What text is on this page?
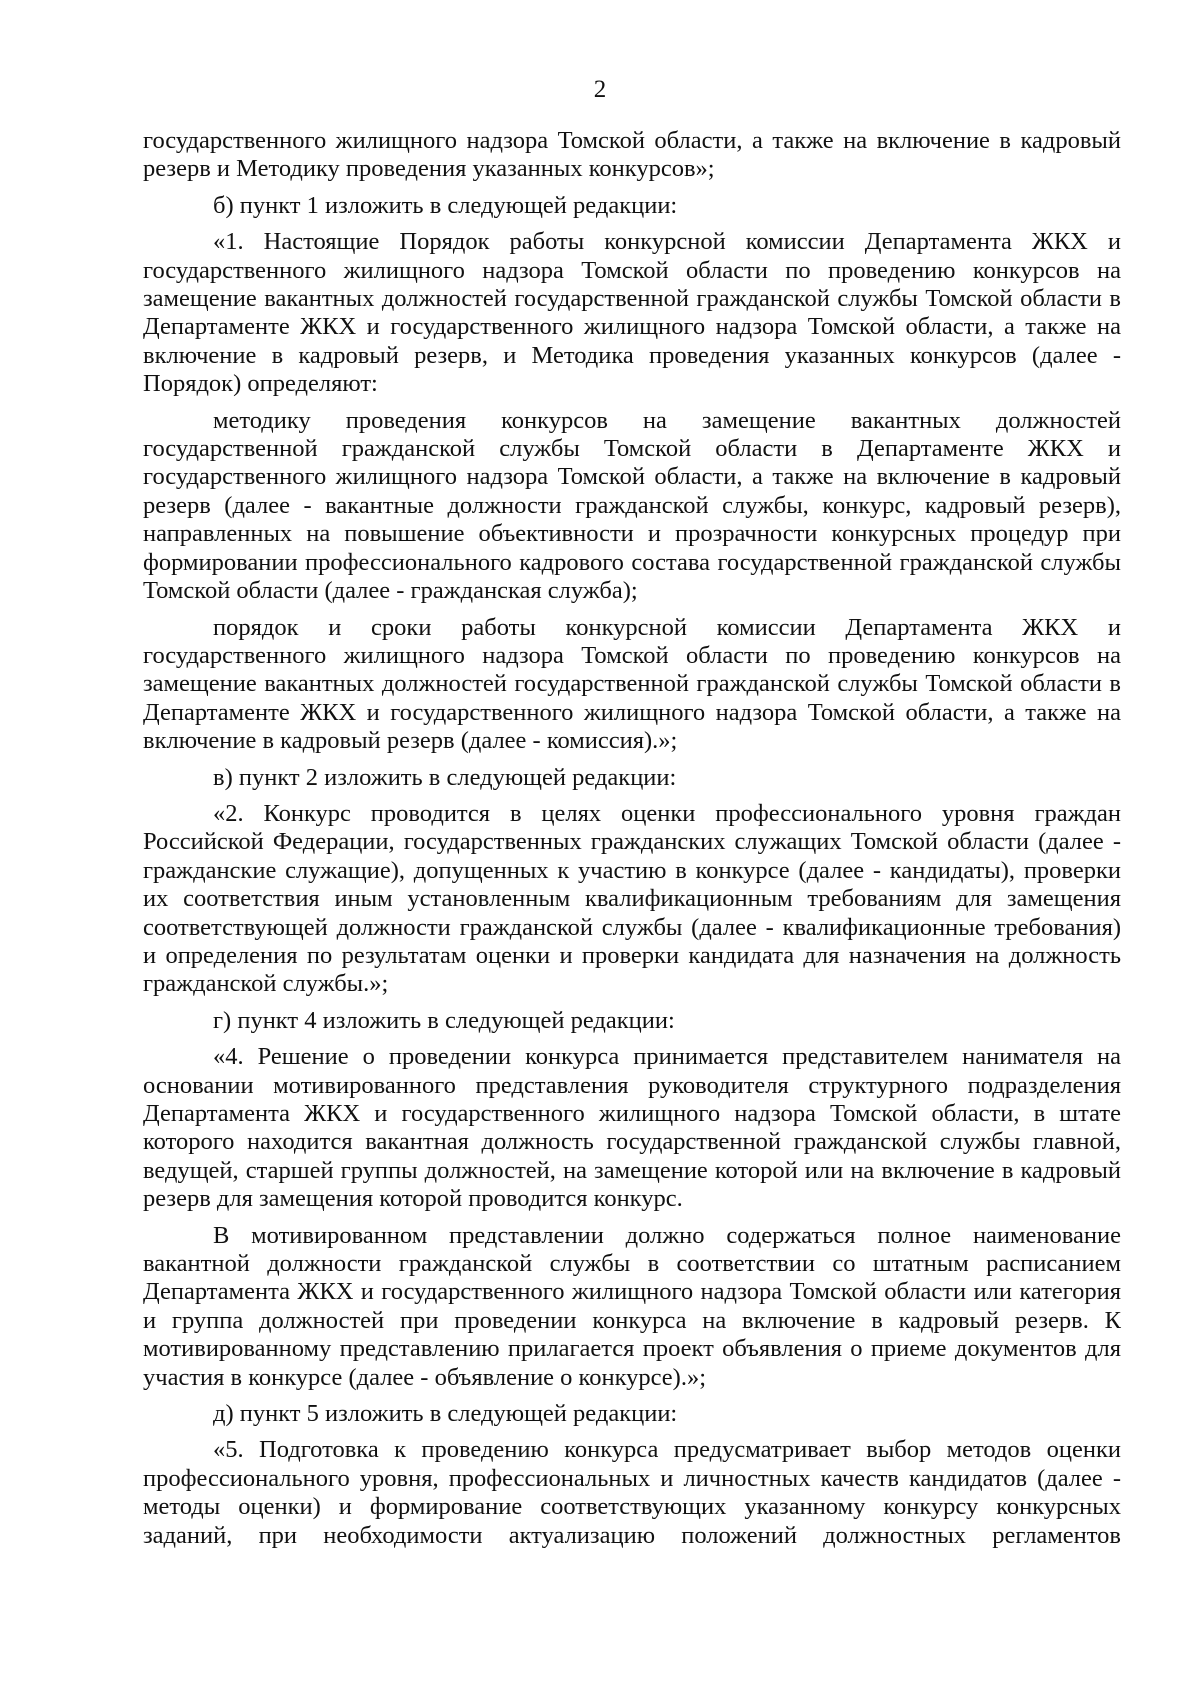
2

государственного жилищного надзора Томской области, а также на включение в кадровый резерв и Методику проведения указанных конкурсов»;

б) пункт 1 изложить в следующей редакции:

«1. Настоящие Порядок работы конкурсной комиссии Департамента ЖКХ и государственного жилищного надзора Томской области по проведению конкурсов на замещение вакантных должностей государственной гражданской службы Томской области в Департаменте ЖКХ и государственного жилищного надзора Томской области, а также на включение в кадровый резерв, и Методика проведения указанных конкурсов (далее - Порядок) определяют:

методику проведения конкурсов на замещение вакантных должностей государственной гражданской службы Томской области в Департаменте ЖКХ и государственного жилищного надзора Томской области, а также на включение в кадровый резерв (далее - вакантные должности гражданской службы, конкурс, кадровый резерв), направленных на повышение объективности и прозрачности конкурсных процедур при формировании профессионального кадрового состава государственной гражданской службы Томской области (далее - гражданская служба);

порядок и сроки работы конкурсной комиссии Департамента ЖКХ и государственного жилищного надзора Томской области по проведению конкурсов на замещение вакантных должностей государственной гражданской службы Томской области в Департаменте ЖКХ и государственного жилищного надзора Томской области, а также на включение в кадровый резерв (далее - комиссия).»;

в) пункт 2 изложить в следующей редакции:

«2. Конкурс проводится в целях оценки профессионального уровня граждан Российской Федерации, государственных гражданских служащих Томской области (далее - гражданские служащие), допущенных к участию в конкурсе (далее - кандидаты), проверки их соответствия иным установленным квалификационным требованиям для замещения соответствующей должности гражданской службы (далее - квалификационные требования) и определения по результатам оценки и проверки кандидата для назначения на должность гражданской службы.»;

г) пункт 4 изложить в следующей редакции:

«4. Решение о проведении конкурса принимается представителем нанимателя на основании мотивированного представления руководителя структурного подразделения Департамента ЖКХ и государственного жилищного надзора Томской области, в штате которого находится вакантная должность государственной гражданской службы главной, ведущей, старшей группы должностей, на замещение которой или на включение в кадровый резерв для замещения которой проводится конкурс.

В мотивированном представлении должно содержаться полное наименование вакантной должности гражданской службы в соответствии со штатным расписанием Департамента ЖКХ и государственного жилищного надзора Томской области или категория и группа должностей при проведении конкурса на включение в кадровый резерв. К мотивированному представлению прилагается проект объявления о приеме документов для участия в конкурсе (далее - объявление о конкурсе).»;

д) пункт 5 изложить в следующей редакции:

«5. Подготовка к проведению конкурса предусматривает выбор методов оценки профессионального уровня, профессиональных и личностных качеств кандидатов (далее - методы оценки) и формирование соответствующих указанному конкурсу конкурсных заданий, при необходимости актуализацию положений должностных регламентов
